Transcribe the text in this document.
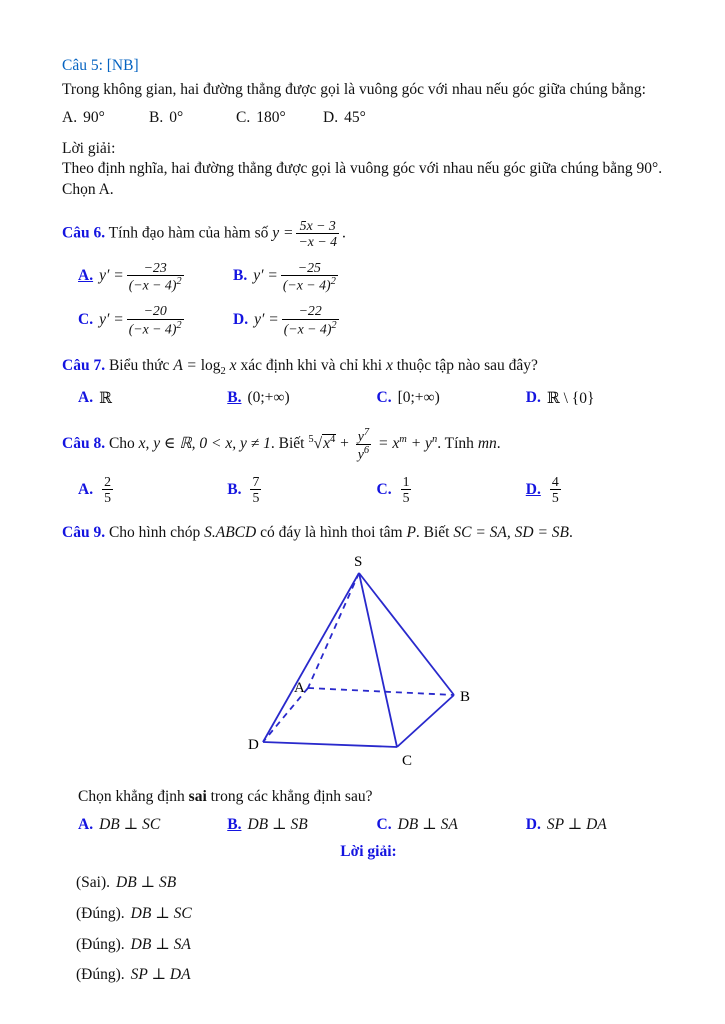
Câu 5: [NB]

Trong không gian, hai đường thẳng được gọi là vuông góc với nhau nếu góc giữa chúng bằng:

A. 90°	B. 0°	C. 180°	D. 45°

Lời giải:

Theo định nghĩa, hai đường thẳng được gọi là vuông góc với nhau nếu góc giữa chúng bằng 90°.

Chọn A.

Câu 6. Tính đạo hàm của hàm số $y = \frac{5x - 3}{-x - 4}$ .

A. $y' = \frac{-23}{(-x - 4)^2}$	B. $y' = \frac{-25}{(-x - 4)^2}$
C. $y' = \frac{-20}{(-x - 4)^2}$	D. $y' = \frac{-22}{(-x - 4)^2}$

Câu 7. Biểu thức $A = \log_2 x$ xác định khi và chỉ khi x thuộc tập nào sau đây?

A. ℝ	B. (0;+∞)	C. [0;+∞)	D. ℝ \ {0}

Câu 8. Cho x, y ∈ ℝ, 0 < x, y ≠ 1. Biết $^5√x^4 + \frac{y^7}{y^6} = x^m + y^n$. Tính mn.

A. $\frac{2}{5}$	B. $\frac{7}{5}$	C. $\frac{1}{5}$	D. $\frac{4}{5}$

Câu 9. Cho hình chóp S.ABCD có đáy là hình thoi tâm P. Biết SC = SA, SD = SB.

S
A
B
C
D

Chọn khẳng định sai trong các khẳng định sau?

A. DB ⊥ SC	B. DB ⊥ SB	C. DB ⊥ SA	D. SP ⊥ DA

Lời giải:

(Sai). DB ⊥ SB

(Đúng). DB ⊥ SC

(Đúng). DB ⊥ SA

(Đúng). SP ⊥ DA
